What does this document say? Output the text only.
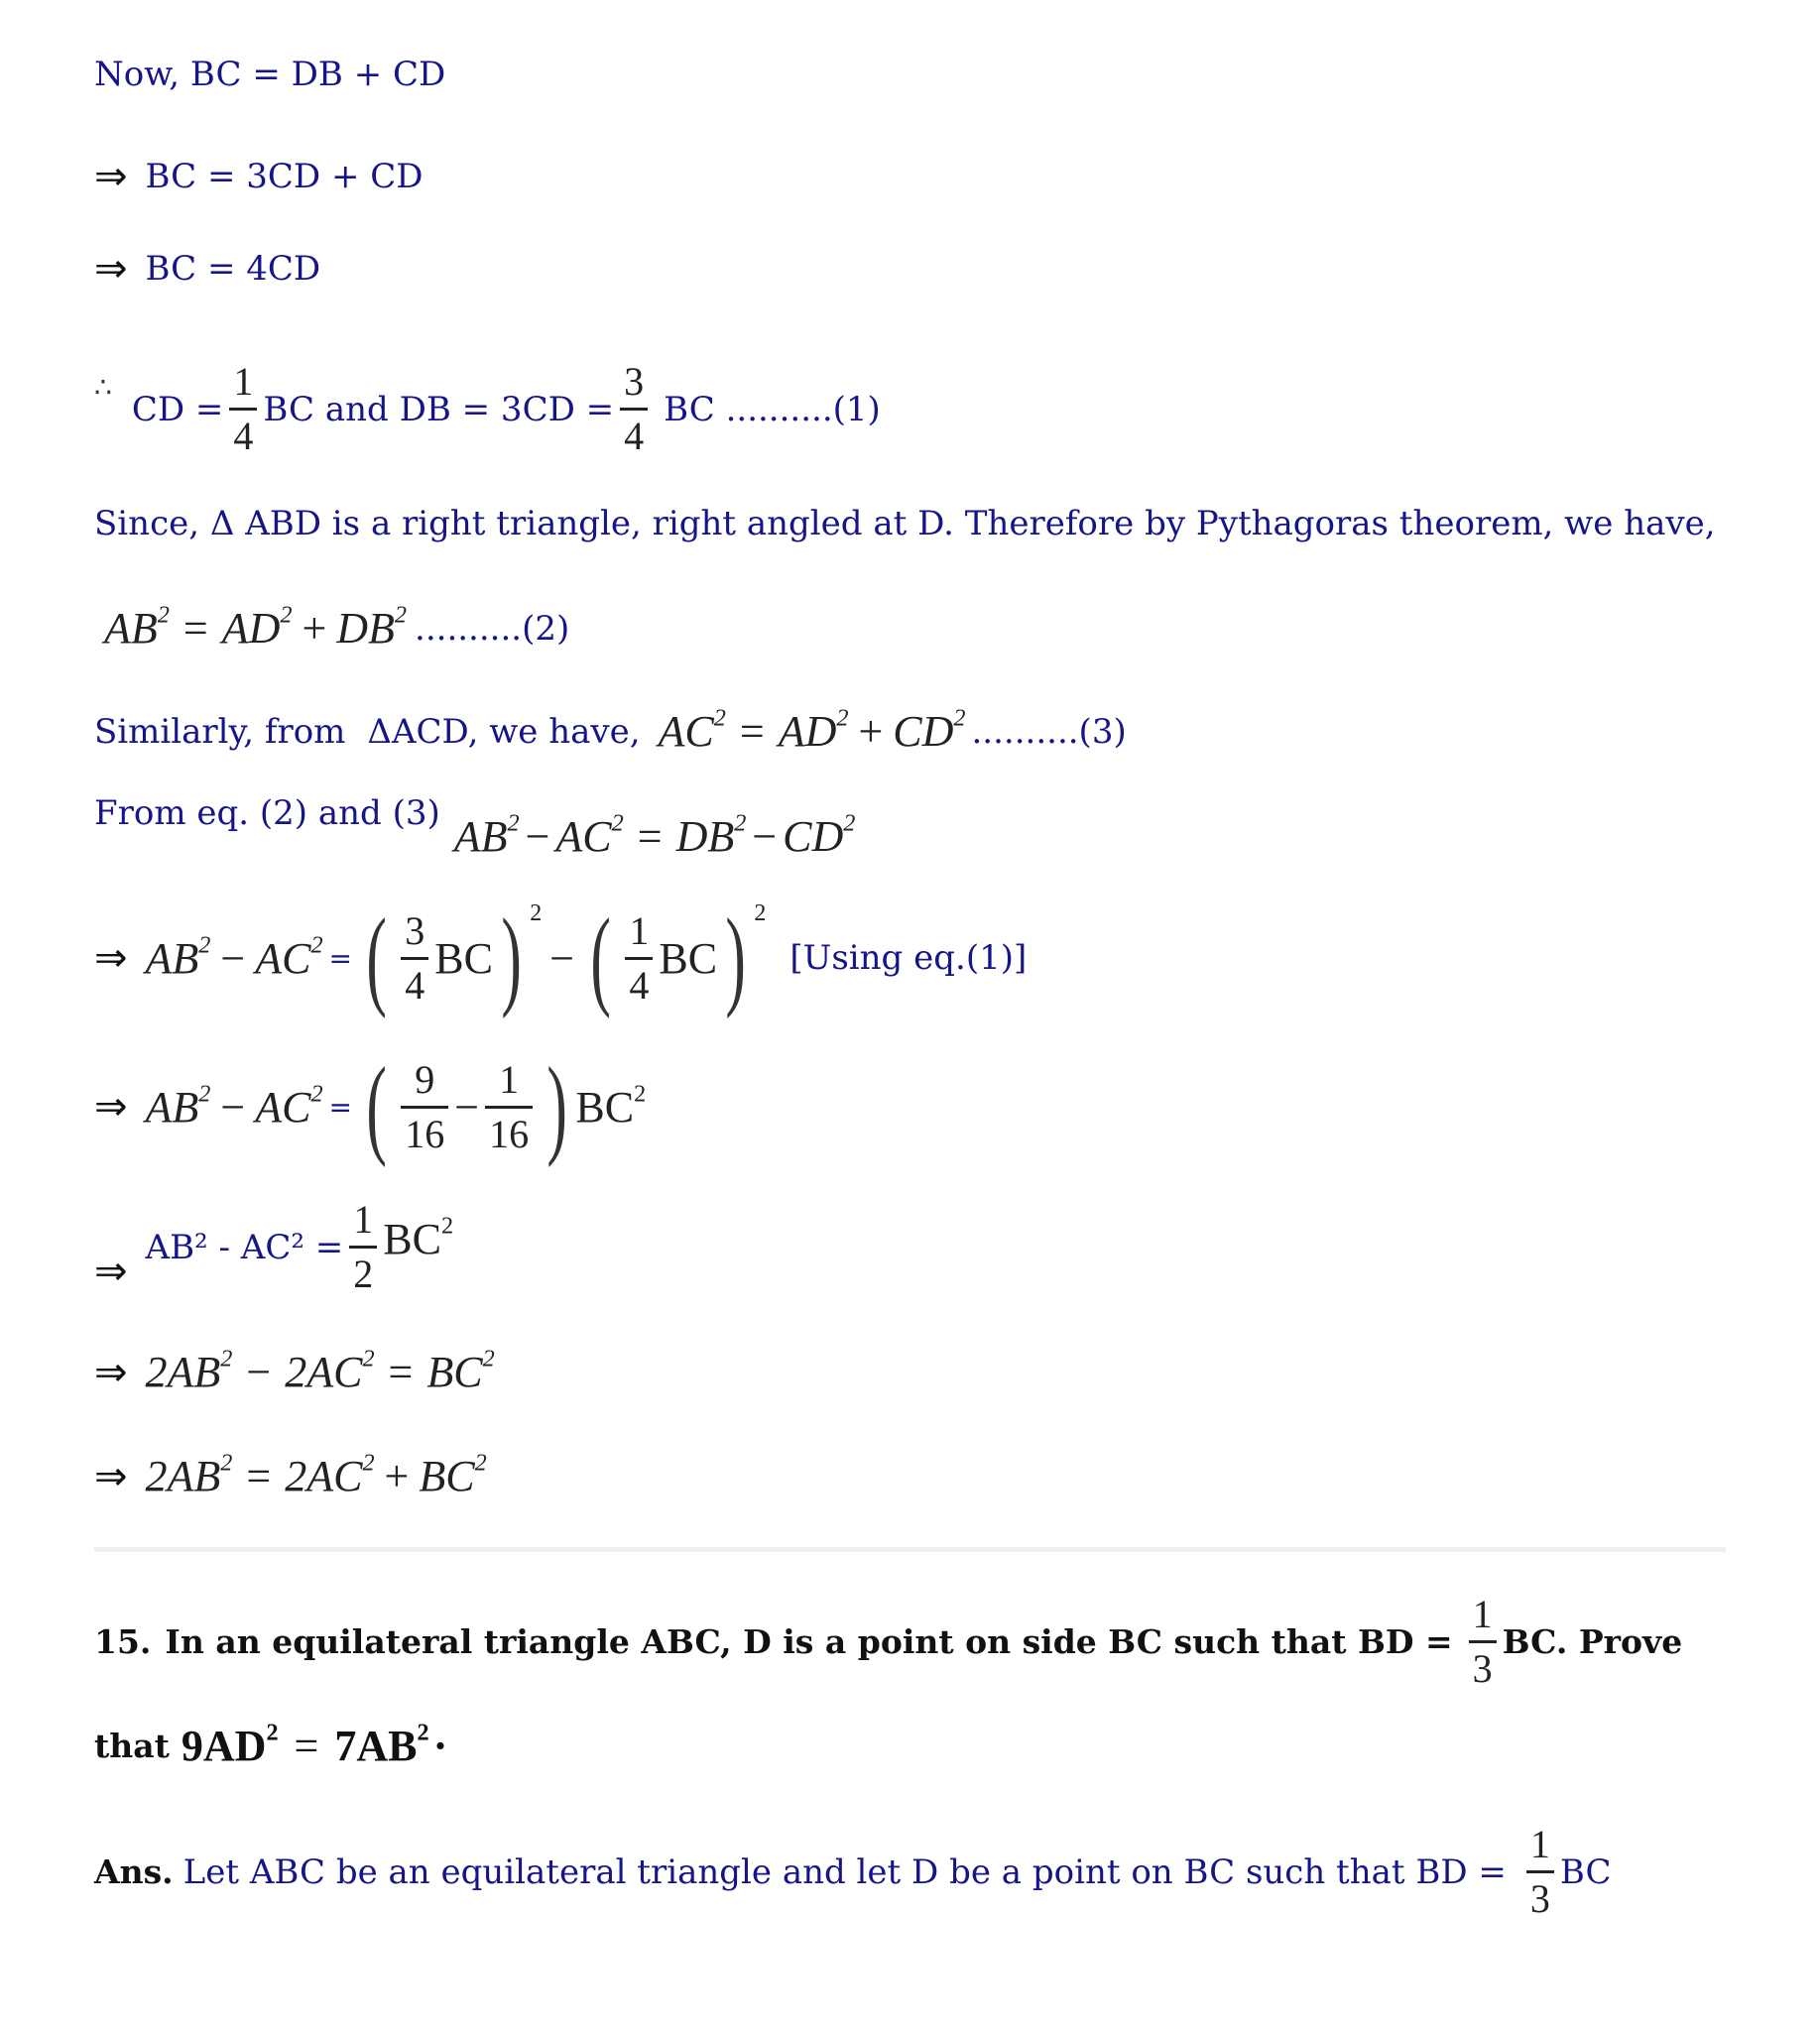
Now, BC = DB + CD
⇒ BC = 3CD + CD
⇒ BC = 4CD
∴
CD = $\frac{1}{4}$ BC and DB = $3CD = \frac{3}{4}$ BC ..........(1)
Since, Δ ABD is a right triangle, right angled at D. Therefore by Pythagoras theorem, we have,
$AB^2 = AD^2 + DB^2$ ..........(2)
Similarly, from ΔACD, we have, $AC^2 = AD^2 + CD^2$ ..........(3)
From eq. (2) and (3) $AB^2 - AC^2 = DB^2 - CD^2$
⇒ $AB^2 - AC^2$ = ( $\frac{3}{4}$ BC ) $^2$
− ( $\frac{1}{4}$ BC ) $^2$
[Using eq.(1)]
⇒ $AB^2 - AC^2$ = ( $\frac{9}{16} - \frac{1}{16}$ ) $BC^2$
⇒
$AB^2 - AC^2 = \frac{1}{2} BC^2$
⇒ $2AB^2 - 2AC^2 = BC^2$
⇒ $2AB^2 = 2AC^2 + BC^2$
15. In an equilateral triangle ABC, D is a point on side BC such that BD = $\frac{1}{3}$ BC. Prove
that $9AD^2 = 7AB^2$ ·
Ans. Let ABC be an equilateral triangle and let D be a point on BC such that BD = $\frac{1}{3}$ BC
